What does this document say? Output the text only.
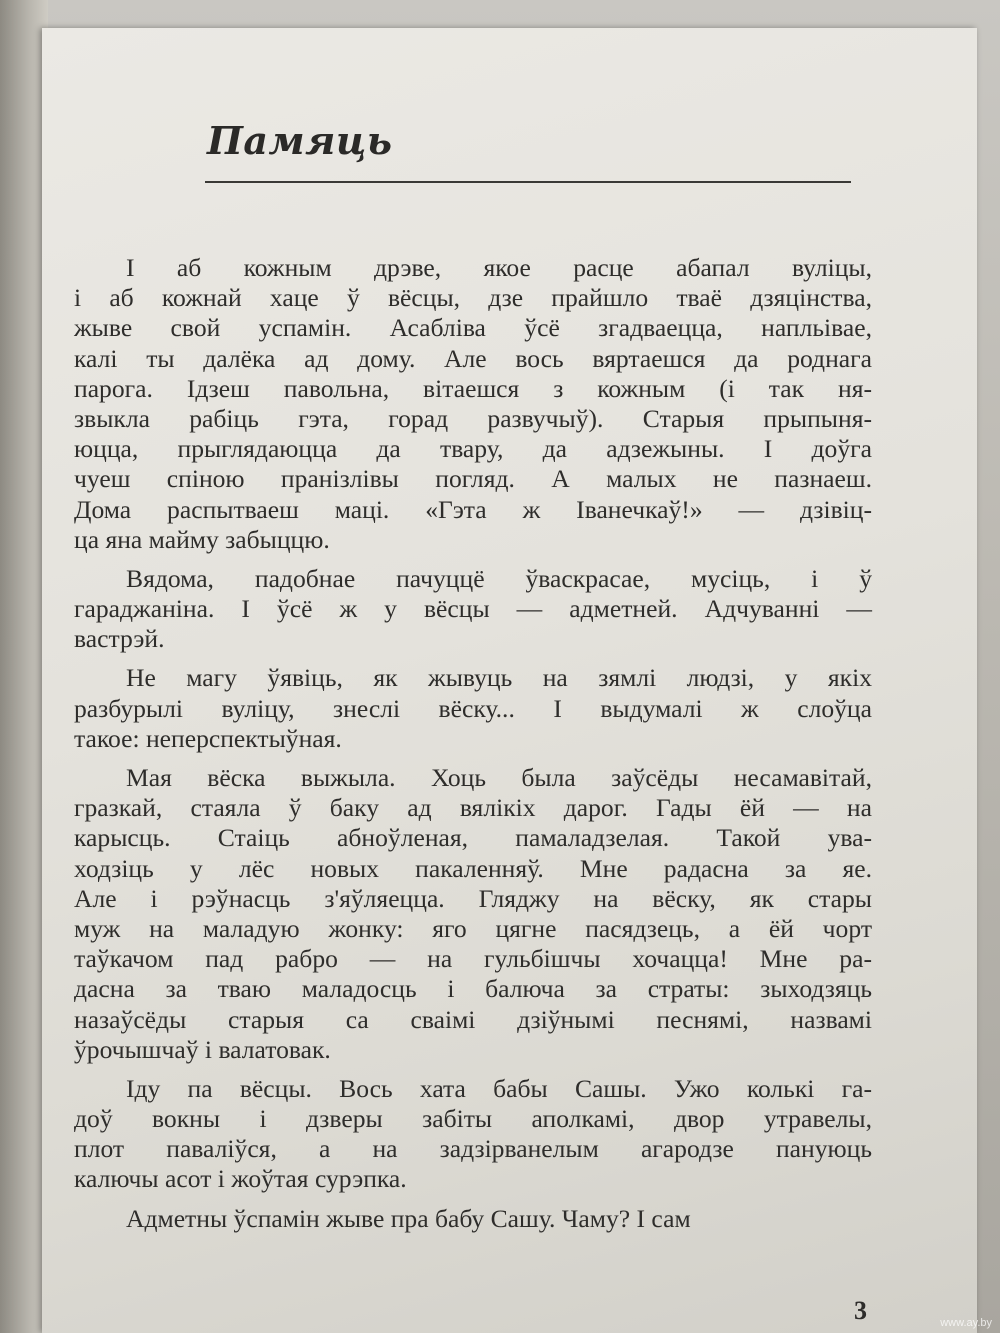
Памяць
І аб кожным дрэве, якое расце абапал вуліцы,
і аб кожнай хаце ў вёсцы, дзе прайшло тваё дзяцінства,
жыве свой успамін. Асабліва ўсё згадваецца, напльівае,
калі ты далёка ад дому. Але вось вяртаешся да роднага
парога. Ідзеш павольна, вітаешся з кожным (і так ня-
звыкла рабіць гэта, горад развучыў). Старыя прыпыня-
юцца, прыглядаюцца да твару, да адзежыны. І доўга
чуеш спіною пранізлівы погляд. А малых не пазнаеш.
Дома распытваеш маці. «Гэта ж Іванечкаў!» — дзівіц-
ца яна майму забыццю.
Вядома, падобнае пачуццё ўваскрасае, мусіць, і ў
гараджаніна. І ўсё ж у вёсцы — адметней. Адчуванні —
вастрэй.
Не магу ўявіць, як жывуць на зямлі людзі, у якіх
разбурылі вуліцу, знеслі вёску... І выдумалі ж слоўца
такое: неперспектыўная.
Мая вёска выжыла. Хоць была заўсёды несамавітай,
гразкай, стаяла ў баку ад вялікіх дарог. Гады ёй — на
карысць. Стаіць абноўленая, памаладзелая. Такой ува-
ходзіць у лёс новых пакаленняў. Мне радасна за яе.
Але і рэўнасць з'яўляецца. Гляджу на вёску, як стары
муж на маладую жонку: яго цягне пасядзець, а ёй чорт
таўкачом пад рабро — на гульбішчы хочацца! Мне ра-
дасна за тваю маладосць і балюча за страты: зыходзяць
назаўсёды старыя са сваімі дзіўнымі песнямі, назвамі
ўрочышчаў і валатовак.
Іду па вёсцы. Вось хата бабы Сашы. Ужо колькі га-
доў вокны і дзверы забіты аполкамі, двор утравелы,
плот паваліўся, а на задзірванелым агародзе пануюць
калючы асот і жоўтая сурэпка.
Адметны ўспамін жыве пра бабу Сашу. Чаму? І сам
3	www.ay.by
